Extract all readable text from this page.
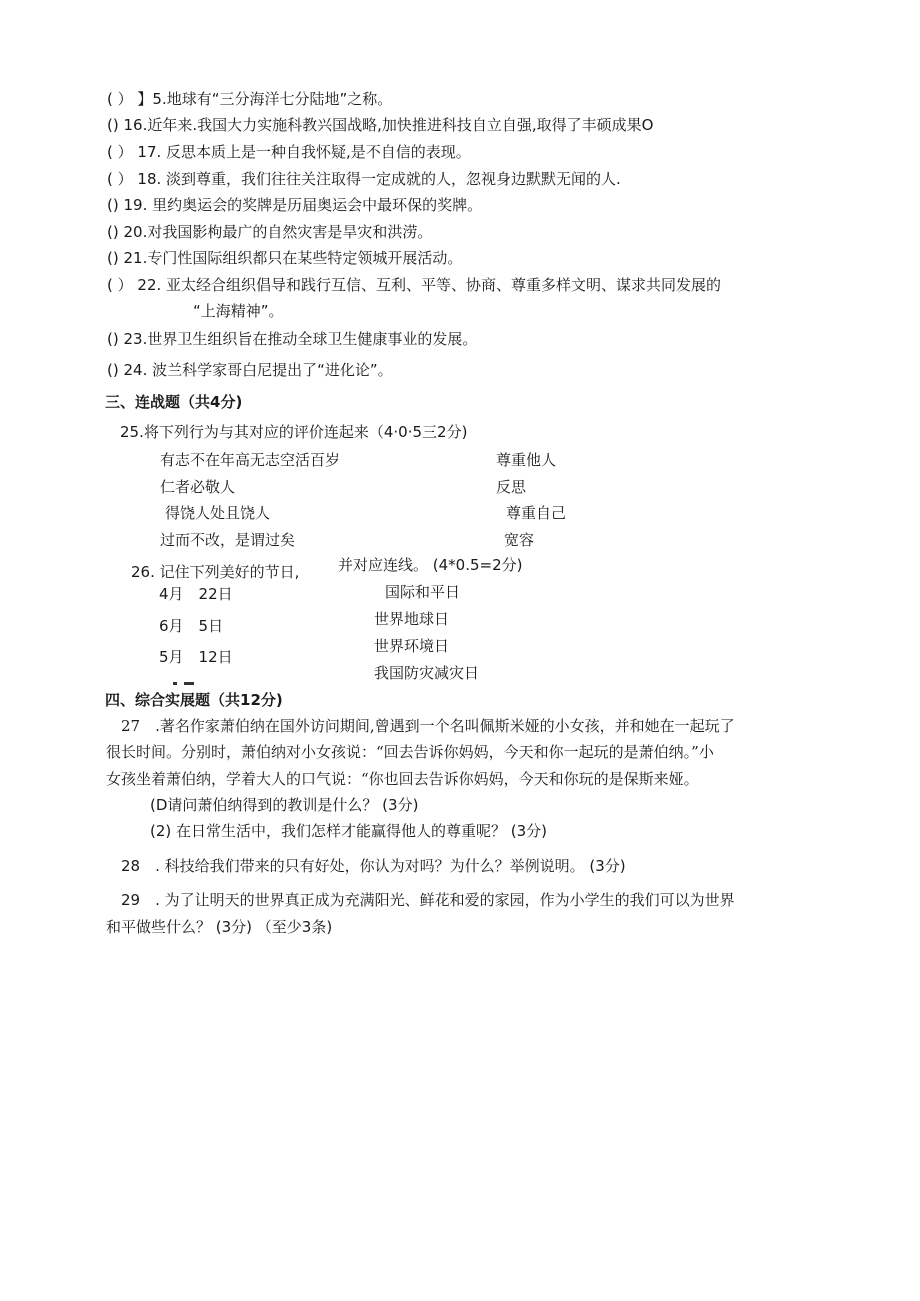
( ） 】5.地球有“三分海洋七分陆地”之称。
() 16.近年来.我国大力实施科教兴国战略,加快推进科技自立自强,取得了丰硕成果O
( ） 17. 反思本质上是一种自我怀疑,是不自信的表现。
( ） 18. 淡到尊重，我们往往关注取得一定成就的人，忽视身边默默无闻的人.
() 19. 里约奥运会的奖牌是历届奥运会中最环保的奖牌。
() 20.对我国影枸最广的自然灾害是旱灾和洪涝。
() 21.专门性国际组织都只在某些特定领城开展活动。
( ） 22. 亚太经合组织倡导和践行互信、互利、平等、协商、尊重多样文明、谋求共同发展的
“上海精神”。
() 23.世界卫生组织旨在推动全球卫生健康事业的发展。
() 24. 波兰科学家哥白尼提出了“进化论”。
三、连战题（共4分)
25.将下列行为与其对应的评价连起来（4·0·5三2分)
有志不在年高无志空活百岁
仁者必敬人
得饶人处且饶人
过而不改，是谓过矣
尊重他人
反思
尊重自己
宽容
26. 记住下列美好的节日,	并对应连线。 (4*0.5=2分)
4月　22日
6月　5日
5月　12日
国际和平日
世界地球日
世界环境日
我国防灾减灾日
四、综合实展题（共12分)
27　.著名作家萧伯纳在国外访问期间,曾遇到一个名叫佩斯米娅的小女孩，并和她在一起玩了
很长时间。分别时，萧伯纳对小女孩说：“回去告诉你妈妈，今天和你一起玩的是萧伯纳。”小
女孩坐着萧伯纳，学着大人的口气说：“你也回去告诉你妈妈，今天和你玩的是保斯来娅。
(D请问萧伯纳得到的教训是什么？ (3分)
(2) 在日常生活中，我们怎样才能赢得他人的尊重呢？ (3分)
28　. 科技给我们带来的只有好处，你认为对吗？为什么？举例说明。 (3分)
29　. 为了让明天的世界真正成为充满阳光、鲜花和爱的家园，作为小学生的我们可以为世界
和平做些什么？ (3分) （至少3条)
